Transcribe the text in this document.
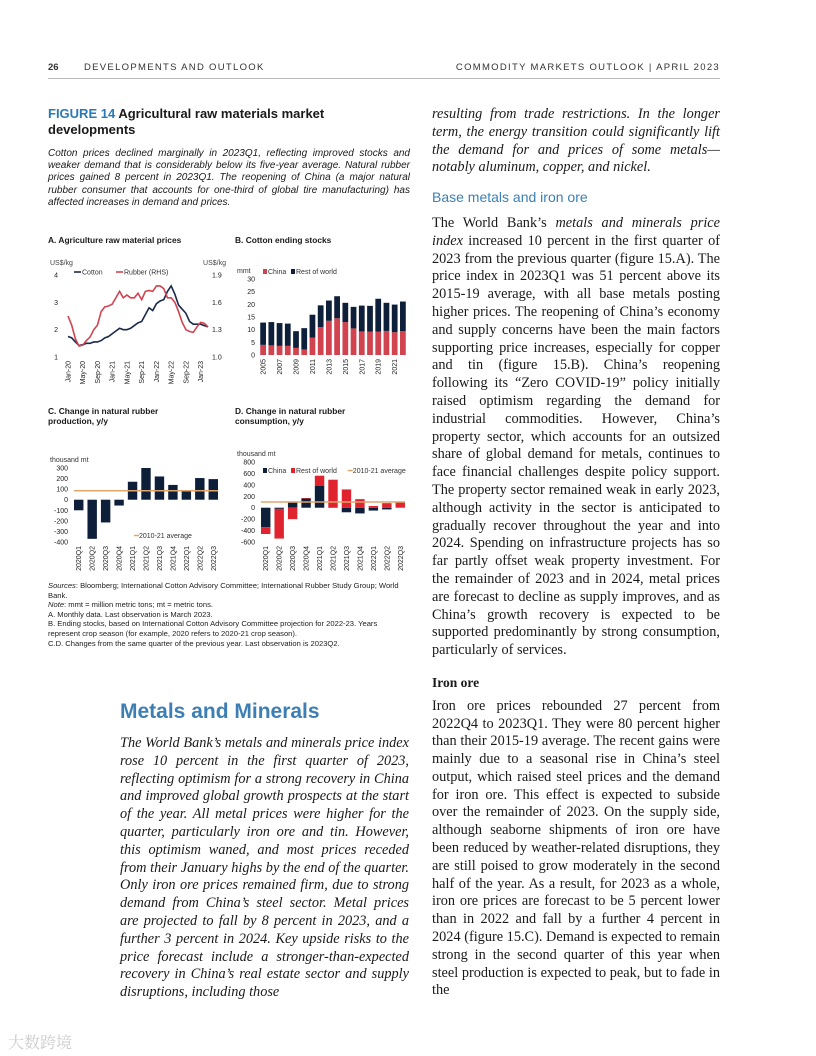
26	DEVELOPMENTS AND OUTLOOK	COMMODITY MARKETS OUTLOOK | APRIL 2023
FIGURE 14 Agricultural raw materials market developments
Cotton prices declined marginally in 2023Q1, reflecting improved stocks and weaker demand that is considerably below its five-year average. Natural rubber prices gained 8 percent in 2023Q1. The reopening of China (a major natural rubber consumer that accounts for one-third of global tire manufacturing) has affected increases in demand and prices.
A. Agriculture raw material prices
US$/kg	US$/kg
1
2
3
4
1.0
1.3
1.6
1.9
Jan-20 May-20 Sep-20 Jan-21 May-21 Sep-21 Jan-22 May-22 Sep-22 Jan-23
Cotton	Rubber (RHS)
B. Cotton ending stocks
mmt
0
5
10
15
20
25
30
2005 2007 2009 2011 2013 2015 2017 2019 2021
China Rest of world
C. Change in natural rubber production, y/y
thousand mt
-400
-300
-200
-100
0
100
200
300
2020Q1 2020Q2 2020Q3 2020Q4 2021Q1 2021Q2 2021Q3 2021Q4 2022Q1 2022Q2 2022Q3
2010-21 average
D. Change in natural rubber consumption, y/y
thousand mt
-600
-400
-200
0
200
400
600
800
2020Q1 2020Q2 2020Q3 2020Q4 2021Q1 2021Q2 2021Q3 2021Q4 2022Q1 2022Q2 2022Q3
China Rest of world 2010-21 average
Sources: Bloomberg; International Cotton Advisory Committee; International Rubber Study Group; World Bank.
Note: mmt = million metric tons; mt = metric tons.
A. Monthly data. Last observation is March 2023.
B. Ending stocks, based on International Cotton Advisory Committee projection for 2022-23. Years represent crop season (for example, 2020 refers to 2020-21 crop season).
C.D. Changes from the same quarter of the previous year. Last observation is 2023Q2.
Metals and Minerals
The World Bank’s metals and minerals price index rose 10 percent in the first quarter of 2023, reflecting optimism for a strong recovery in China and improved global growth prospects at the start of the year. All metal prices were higher for the quarter, particularly iron ore and tin. However, this optimism waned, and most prices receded from their January highs by the end of the quarter. Only iron ore prices remained firm, due to strong demand from China’s steel sector. Metal prices are projected to fall by 8 percent in 2023, and a further 3 percent in 2024. Key upside risks to the price forecast include a stronger-than-expected recovery in China’s real estate sector and supply disruptions, including those

resulting from trade restrictions. In the longer term, the energy transition could significantly lift the demand for and prices of some metals—notably aluminum, copper, and nickel.

Base metals and iron ore

The World Bank’s metals and minerals price index increased 10 percent in the first quarter of 2023 from the previous quarter (figure 15.A). The price index in 2023Q1 was 51 percent above its 2015-19 average, with all base metals posting higher prices. The reopening of China’s economy and supply concerns have been the main factors supporting price increases, especially for copper and tin (figure 15.B). China’s reopening following its “Zero COVID-19” policy initially raised optimism regarding the demand for industrial commodities. However, China’s property sector, which accounts for an outsized share of global demand for metals, continues to face financial challenges despite policy support. The property sector remained weak in early 2023, although activity in the sector is anticipated to gradually recover throughout the year and into 2024. Spending on infrastructure projects has so far partly offset weak property investment. For the remainder of 2023 and in 2024, metal prices are forecast to decline as supply improves, and as China’s growth recovery is expected to be supported predominantly by strong consumption, particularly of services.

Iron ore

Iron ore prices rebounded 27 percent from 2022Q4 to 2023Q1. They were 80 percent higher than their 2015-19 average. The recent gains were mainly due to a seasonal rise in China’s steel output, which raised steel prices and the demand for iron ore. This effect is expected to subside over the remainder of 2023. On the supply side, although seaborne shipments of iron ore have been reduced by weather-related disruptions, they are still poised to grow moderately in the second half of the year. As a result, for 2023 as a whole, iron ore prices are forecast to be 5 percent lower than in 2022 and fall by a further 4 percent in 2024 (figure 15.C). Demand is expected to remain strong in the second quarter of this year when steel production is expected to peak, but to fade in the

大数跨境
